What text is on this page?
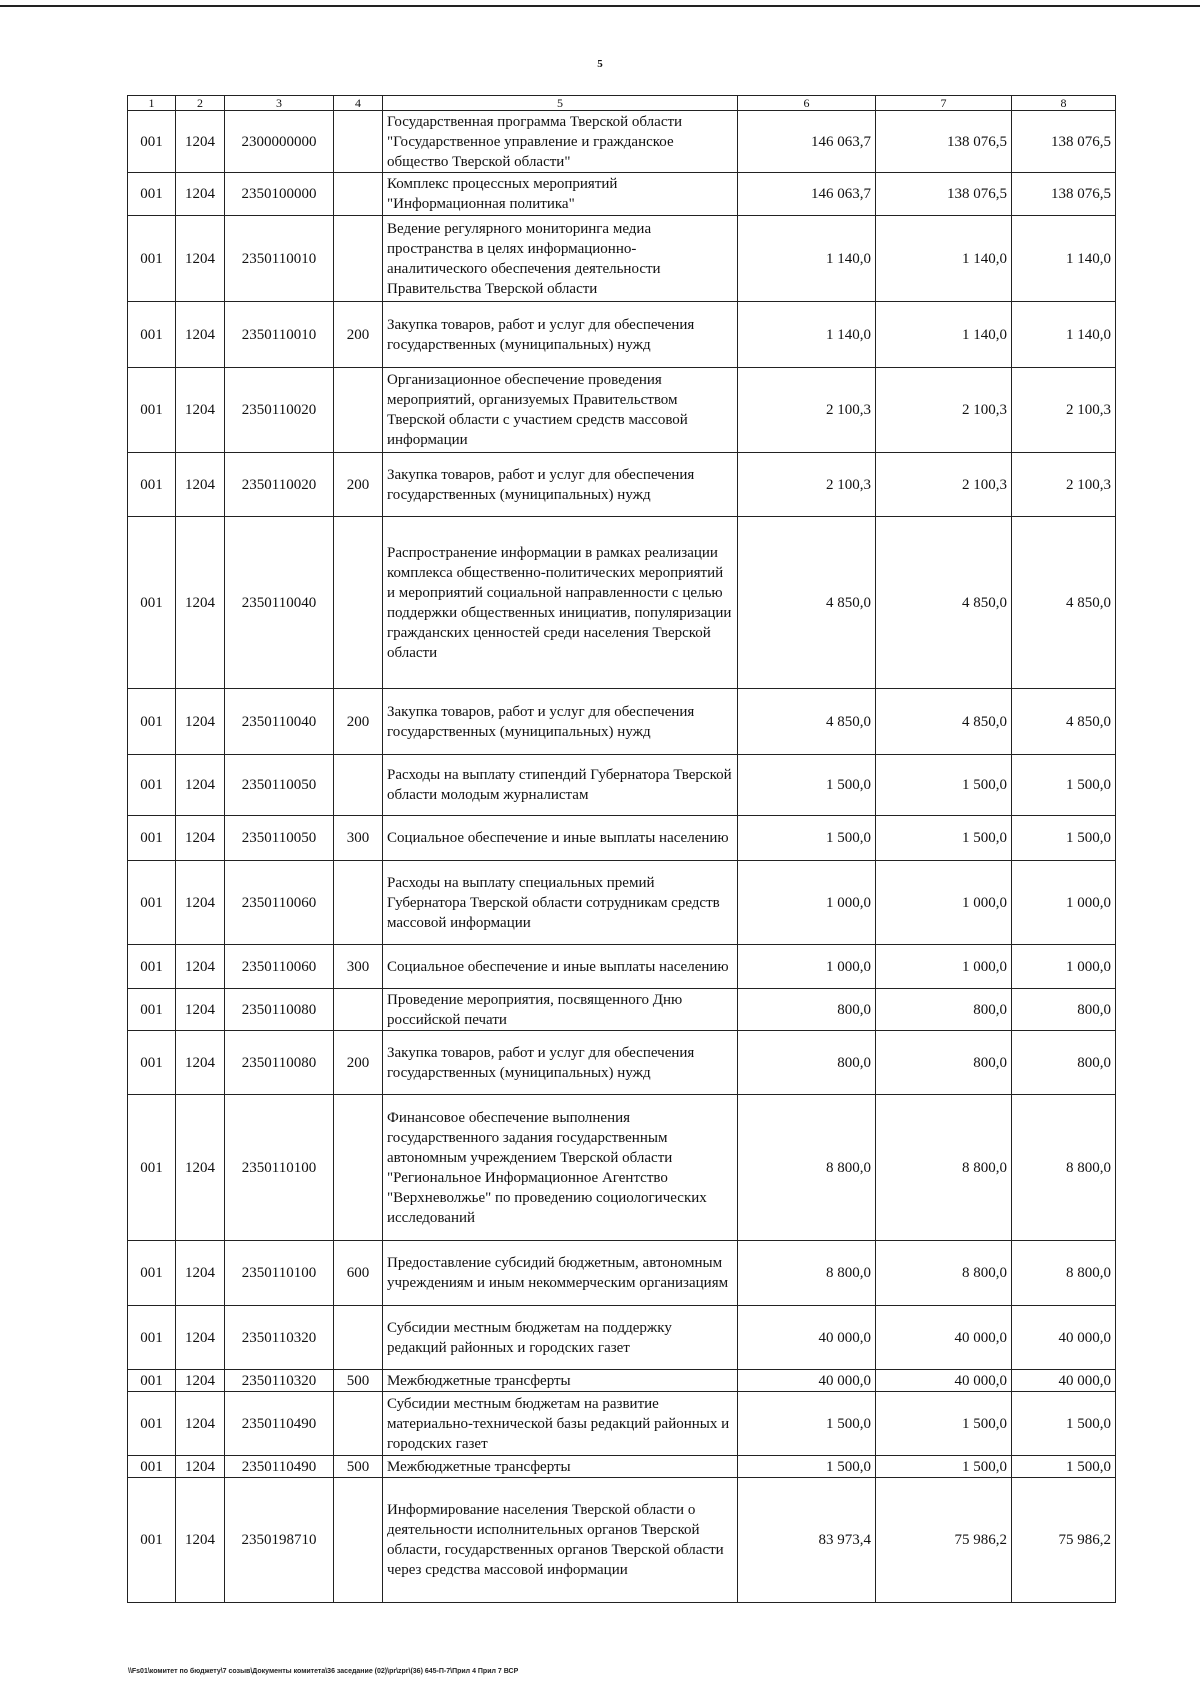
5
1	2	3	4	5	6	7	8
001	1204	2300000000		Государственная программа Тверской области "Государственное управление и гражданское общество Тверской области"	146 063,7	138 076,5	138 076,5
001	1204	2350100000		Комплекс процессных мероприятий "Информационная политика"	146 063,7	138 076,5	138 076,5
001	1204	2350110010		Ведение регулярного мониторинга медиа пространства в целях информационно-аналитического обеспечения деятельности Правительства Тверской области	1 140,0	1 140,0	1 140,0
001	1204	2350110010	200	Закупка товаров, работ и услуг для обеспечения государственных (муниципальных) нужд	1 140,0	1 140,0	1 140,0
001	1204	2350110020		Организационное обеспечение проведения мероприятий, организуемых Правительством Тверской области с участием средств массовой информации	2 100,3	2 100,3	2 100,3
001	1204	2350110020	200	Закупка товаров, работ и услуг для обеспечения государственных (муниципальных) нужд	2 100,3	2 100,3	2 100,3
001	1204	2350110040		Распространение информации в рамках реализации комплекса общественно-политических мероприятий и мероприятий социальной направленности с целью поддержки общественных инициатив, популяризации гражданских ценностей среди населения Тверской области	4 850,0	4 850,0	4 850,0
001	1204	2350110040	200	Закупка товаров, работ и услуг для обеспечения государственных (муниципальных) нужд	4 850,0	4 850,0	4 850,0
001	1204	2350110050		Расходы на выплату стипендий Губернатора Тверской области молодым журналистам	1 500,0	1 500,0	1 500,0
001	1204	2350110050	300	Социальное обеспечение и иные выплаты населению	1 500,0	1 500,0	1 500,0
001	1204	2350110060		Расходы на выплату специальных премий Губернатора Тверской области сотрудникам средств массовой информации	1 000,0	1 000,0	1 000,0
001	1204	2350110060	300	Социальное обеспечение и иные выплаты населению	1 000,0	1 000,0	1 000,0
001	1204	2350110080		Проведение мероприятия, посвященного Дню российской печати	800,0	800,0	800,0
001	1204	2350110080	200	Закупка товаров, работ и услуг для обеспечения государственных (муниципальных) нужд	800,0	800,0	800,0
001	1204	2350110100		Финансовое обеспечение выполнения государственного задания государственным автономным учреждением Тверской области "Региональное Информационное Агентство "Верхневолжье" по проведению социологических исследований	8 800,0	8 800,0	8 800,0
001	1204	2350110100	600	Предоставление субсидий бюджетным, автономным учреждениям и иным некоммерческим организациям	8 800,0	8 800,0	8 800,0
001	1204	2350110320		Субсидии местным бюджетам на поддержку редакций районных и городских газет	40 000,0	40 000,0	40 000,0
001	1204	2350110320	500	Межбюджетные трансферты	40 000,0	40 000,0	40 000,0
001	1204	2350110490		Субсидии местным бюджетам на развитие материально-технической базы редакций районных и городских газет	1 500,0	1 500,0	1 500,0
001	1204	2350110490	500	Межбюджетные трансферты	1 500,0	1 500,0	1 500,0
001	1204	2350198710		Информирование населения Тверской области о деятельности исполнительных органов Тверской области, государственных органов Тверской области через средства массовой информации	83 973,4	75 986,2	75 986,2
\\Fs01\комитет по бюджету\7 созыв\Документы комитета\36 заседание (02)\pr\zpr\(36) 645-П-7\Прил 4 Прил 7 ВСР
